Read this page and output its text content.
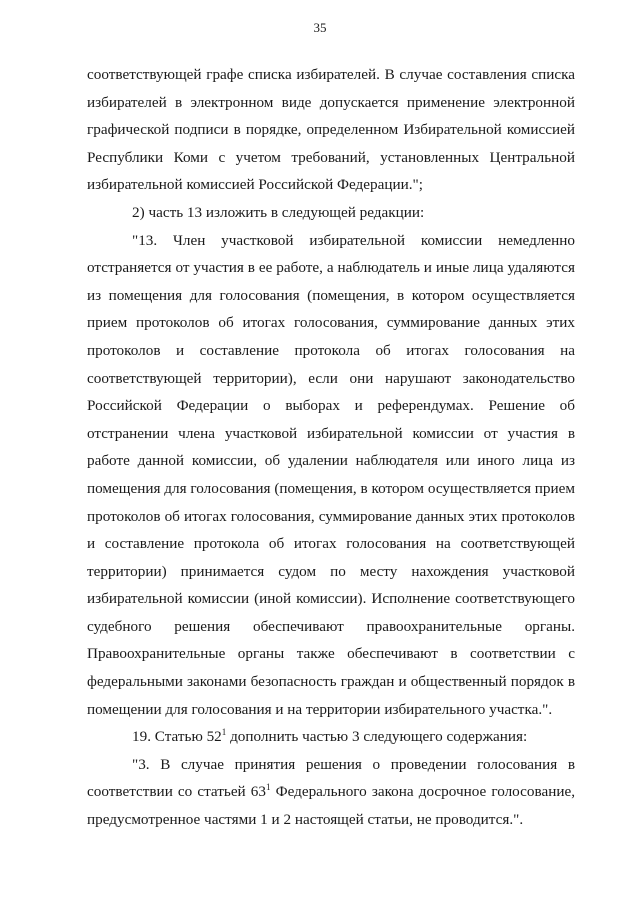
35

соответствующей графе списка избирателей. В случае составления списка избирателей в электронном виде допускается применение электронной графической подписи в порядке, определенном Избирательной комиссией Республики Коми с учетом требований, установленных Центральной избирательной комиссией Российской Федерации.";

2) часть 13 изложить в следующей редакции:

"13. Член участковой избирательной комиссии немедленно отстраняется от участия в ее работе, а наблюдатель и иные лица удаляются из помещения для голосования (помещения, в котором осуществляется прием протоколов об итогах голосования, суммирование данных этих протоколов и составление протокола об итогах голосования на соответствующей территории), если они нарушают законодательство Российской Федерации о выборах и референдумах. Решение об отстранении члена участковой избирательной комиссии от участия в работе данной комиссии, об удалении наблюдателя или иного лица из помещения для голосования (помещения, в котором осуществляется прием протоколов об итогах голосования, суммирование данных этих протоколов и составление протокола об итогах голосования на соответствующей территории) принимается судом по месту нахождения участковой избирательной комиссии (иной комиссии). Исполнение соответствующего судебного решения обеспечивают правоохранительные органы. Правоохранительные органы также обеспечивают в соответствии с федеральными законами безопасность граждан и общественный порядок в помещении для голосования и на территории избирательного участка.".

19. Статью $52^1$ дополнить частью 3 следующего содержания:

"3. В случае принятия решения о проведении голосования в соответствии со статьей $63^1$ Федерального закона досрочное голосование, предусмотренное частями 1 и 2 настоящей статьи, не проводится.".
